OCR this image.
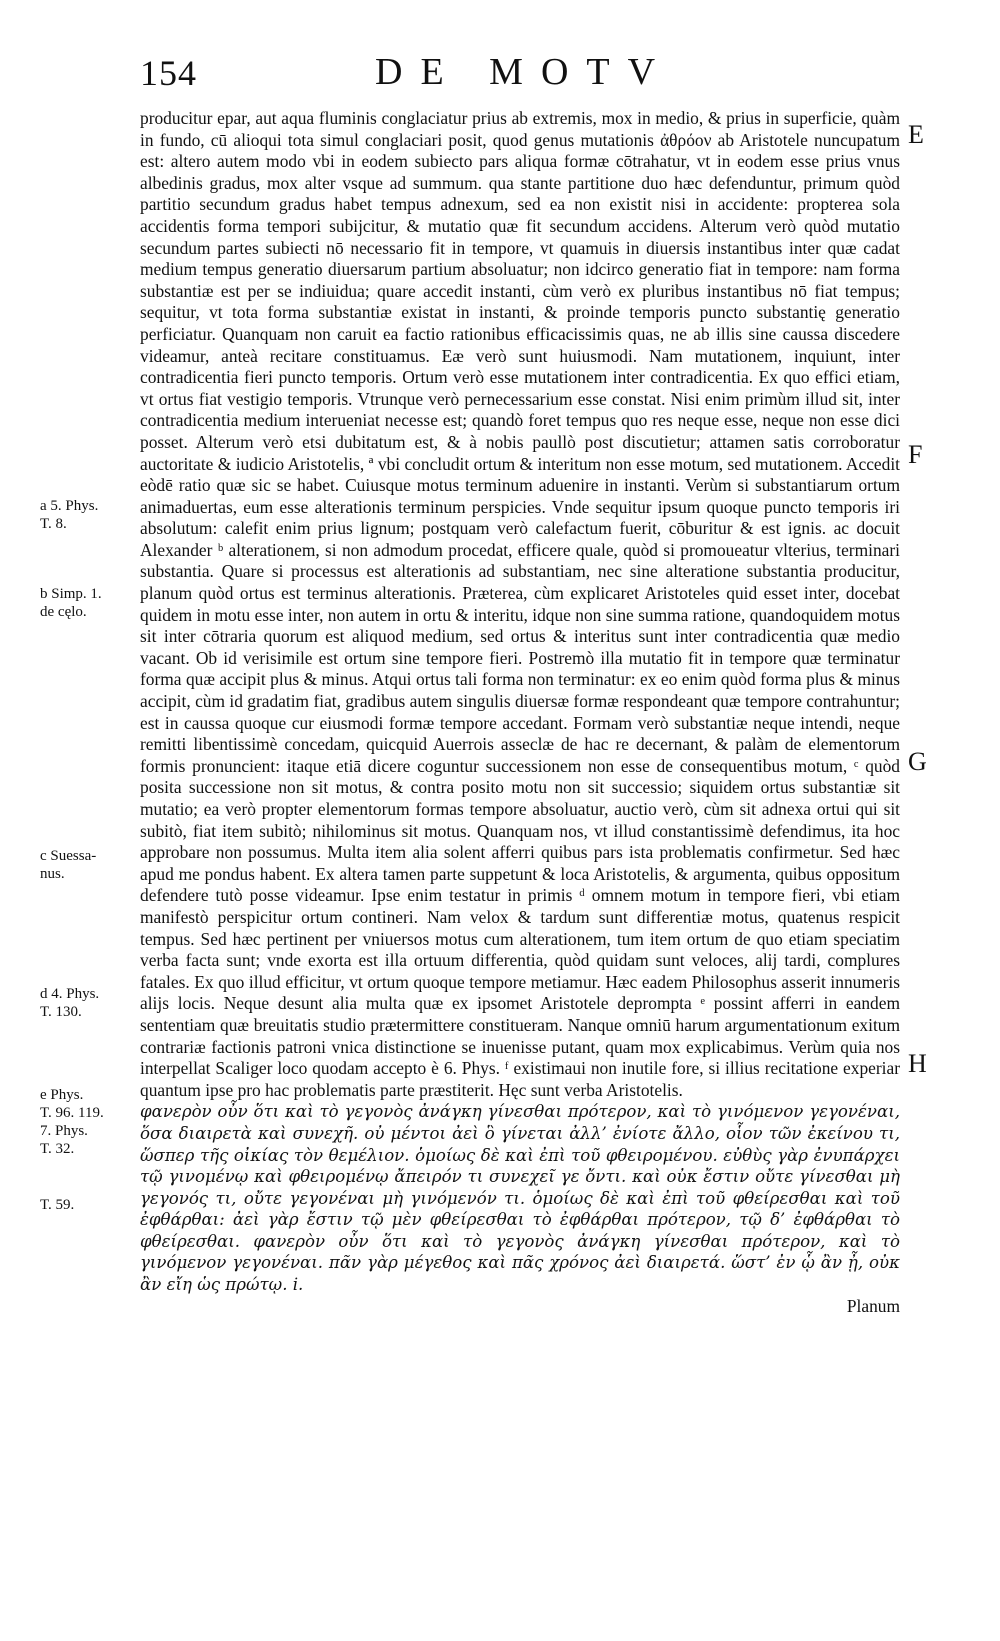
154	DE MOTV
a 5. Phys.
T. 8.
b Simp. 1.
de cęlo.
c Suessa-
nus.
d 4. Phys.
T. 130.
e Phys.
T. 96. 119.
7. Phys.
T. 32.
T. 59.
E
F
G
H

producitur epar, aut aqua fluminis conglaciatur prius ab extremis, mox in medio, & prius in superficie, quàm in fundo, cū alioqui tota simul conglaciari posit, quod genus mutationis ἀθρόον ab Aristotele nuncupatum est: altero autem modo vbi in eodem subiecto pars aliqua formæ cōtrahatur, vt in eodem esse prius vnus albedinis gradus, mox alter vsque ad summum. qua stante partitione duo hæc defenduntur, primum quòd partitio secundum gradus habet tempus adnexum, sed ea non existit nisi in accidente: propterea sola accidentis forma tempori subijcitur, & mutatio quæ fit secundum accidens. Alterum verò quòd mutatio secundum partes subiecti nō necessario fit in tempore, vt quamuis in diuersis instantibus inter quæ cadat medium tempus generatio diuersarum partium absoluatur; non idcirco generatio fiat in tempore: nam forma substantiæ est per se indiuidua; quare accedit instanti, cùm verò ex pluribus instantibus nō fiat tempus; sequitur, vt tota forma substantiæ existat in instanti, & proinde temporis puncto substantię generatio perficiatur. Quanquam non caruit ea factio rationibus efficacissimis quas, ne ab illis sine caussa discedere videamur, anteà recitare constituamus. Eæ verò sunt huiusmodi. Nam mutationem, inquiunt, inter contradicentia fieri puncto temporis. Ortum verò esse mutationem inter contradicentia. Ex quo effici etiam, vt ortus fiat vestigio temporis. Vtrunque verò pernecessarium esse constat. Nisi enim primùm illud sit, inter contradicentia medium interueniat necesse est; quandò foret tempus quo res neque esse, neque non esse dici posset. Alterum verò etsi dubitatum est, & à nobis paullò post discutietur; attamen satis corroboratur auctoritate & iudicio Aristotelis, ª vbi concludit ortum & interitum non esse motum, sed mutationem. Accedit eòdē ratio quæ sic se habet. Cuiusque motus terminum aduenire in instanti. Verùm si substantiarum ortum animaduertas, eum esse alterationis terminum perspicies. Vnde sequitur ipsum quoque puncto temporis iri absolutum: calefit enim prius lignum; postquam verò calefactum fuerit, cōburitur & est ignis. ac docuit Alexander ᵇ alterationem, si non admodum procedat, efficere quale, quòd si promoueatur vlterius, terminari substantia. Quare si processus est alterationis ad substantiam, nec sine alteratione substantia producitur, planum quòd ortus est terminus alterationis. Præterea, cùm explicaret Aristoteles quid esset inter, docebat quidem in motu esse inter, non autem in ortu & interitu, idque non sine summa ratione, quandoquidem motus sit inter cōtraria quorum est aliquod medium, sed ortus & interitus sunt inter contradicentia quæ medio vacant. Ob id verisimile est ortum sine tempore fieri. Postremò illa mutatio fit in tempore quæ terminatur forma quæ accipit plus & minus. Atqui ortus tali forma non terminatur: ex eo enim quòd forma plus & minus accipit, cùm id gradatim fiat, gradibus autem singulis diuersæ formæ respondeant quæ tempore contrahuntur; est in caussa quoque cur eiusmodi formæ tempore accedant. Formam verò substantiæ neque intendi, neque remitti libentissimè concedam, quicquid Auerrois asseclæ de hac re decernant, & palàm de elementorum formis pronuncient: itaque etiā dicere coguntur successionem non esse de consequentibus motum, ᶜ quòd posita successione non sit motus, & contra posito motu non sit successio; siquidem ortus substantiæ sit mutatio; ea verò propter elementorum formas tempore absoluatur, auctio verò, cùm sit adnexa ortui qui sit subitò, fiat item subitò; nihilominus sit motus. Quanquam nos, vt illud constantissimè defendimus, ita hoc approbare non possumus. Multa item alia solent afferri quibus pars ista problematis confirmetur. Sed hæc apud me pondus habent. Ex altera tamen parte suppetunt & loca Aristotelis, & argumenta, quibus oppositum defendere tutò posse videamur. Ipse enim testatur in primis ᵈ omnem motum in tempore fieri, vbi etiam manifestò perspicitur ortum contineri. Nam velox & tardum sunt differentiæ motus, quatenus respicit tempus. Sed hæc pertinent per vniuersos motus cum alterationem, tum item ortum de quo etiam speciatim verba facta sunt; vnde exorta est illa ortuum differentia, quòd quidam sunt veloces, alij tardi, complures fatales. Ex quo illud efficitur, vt ortum quoque tempore metiamur. Hæc eadem Philosophus asserit innumeris alijs locis. Neque desunt alia multa quæ ex ipsomet Aristotele deprompta ᵉ possint afferri in eandem sententiam quæ breuitatis studio prætermittere constitueram. Nanque omniū harum argumentationum exitum contrariæ factionis patroni vnica distinctione se inuenisse putant, quam mox explicabimus. Verùm quia nos interpellat Scaliger loco quodam accepto è 6. Phys. ᶠ existimaui non inutile fore, si illius recitatione experiar quantum ipse pro hac problematis parte præstiterit. Hęc sunt verba Aristotelis.

φανερὸν οὖν ὅτι καὶ τὸ γεγονὸς ἀνάγκη γίνεσθαι πρότερον, καὶ τὸ γινόμενον γεγονέναι, ὅσα διαιρετὰ καὶ συνεχῆ. οὐ μέντοι ἀεὶ ὃ γίνεται ἀλλ’ ἐνίοτε ἄλλο, οἷον τῶν ἐκείνου τι, ὥσπερ τῆς οἰκίας τὸν θεμέλιον. ὁμοίως δὲ καὶ ἐπὶ τοῦ φθειρομένου. εὐθὺς γὰρ ἐνυπάρχει τῷ γινομένῳ καὶ φθειρομένῳ ἄπειρόν τι συνεχεῖ γε ὄντι. καὶ οὐκ ἔστιν οὔτε γίνεσθαι μὴ γεγονός τι, οὔτε γεγονέναι μὴ γινόμενόν τι. ὁμοίως δὲ καὶ ἐπὶ τοῦ φθείρεσθαι καὶ τοῦ ἐφθάρθαι: ἀεὶ γὰρ ἔστιν τῷ μὲν φθείρεσθαι τὸ ἐφθάρθαι πρότερον, τῷ δ’ ἐφθάρθαι τὸ φθείρεσθαι. φανερὸν οὖν ὅτι καὶ τὸ γεγονὸς ἀνάγκη γίνεσθαι πρότερον, καὶ τὸ γινόμενον γεγονέναι. πᾶν γὰρ μέγεθος καὶ πᾶς χρόνος ἀεὶ διαιρετά. ὥστ’ ἐν ᾧ ἂν ᾖ, οὐκ ἂν εἴη ὡς πρώτῳ. i.

Planum
